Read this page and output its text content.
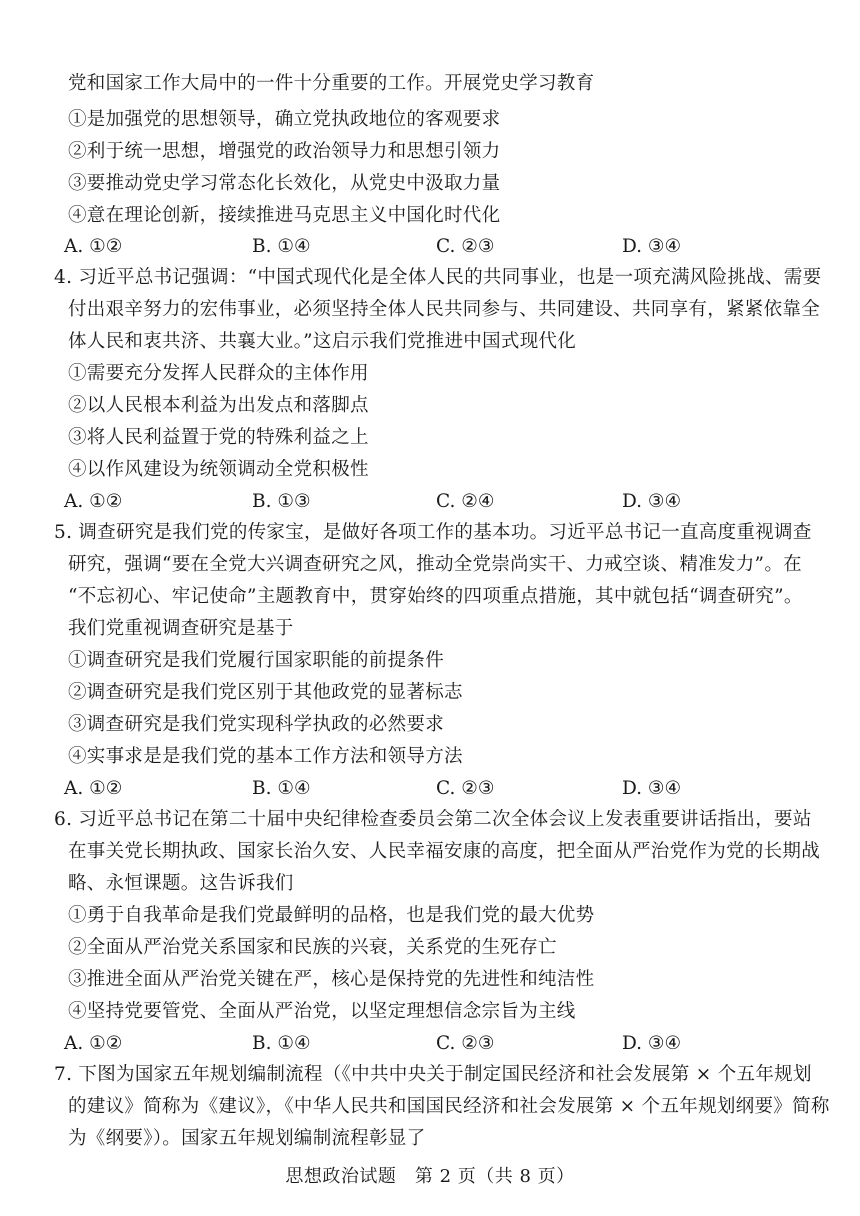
党和国家工作大局中的一件十分重要的工作。开展党史学习教育
①是加强党的思想领导，确立党执政地位的客观要求
②利于统一思想，增强党的政治领导力和思想引领力
③要推动党史学习常态化长效化，从党史中汲取力量
④意在理论创新，接续推进马克思主义中国化时代化
A. ①②	B. ①④	C. ②③	D. ③④
4. 习近平总书记强调：“中国式现代化是全体人民的共同事业，也是一项充满风险挑战、需要
付出艰辛努力的宏伟事业，必须坚持全体人民共同参与、共同建设、共同享有，紧紧依靠全
体人民和衷共济、共襄大业。”这启示我们党推进中国式现代化
①需要充分发挥人民群众的主体作用
②以人民根本利益为出发点和落脚点
③将人民利益置于党的特殊利益之上
④以作风建设为统领调动全党积极性
A. ①②	B. ①③	C. ②④	D. ③④
5. 调查研究是我们党的传家宝，是做好各项工作的基本功。习近平总书记一直高度重视调查
研究，强调“要在全党大兴调查研究之风，推动全党崇尚实干、力戒空谈、精准发力”。在
“不忘初心、牢记使命”主题教育中，贯穿始终的四项重点措施，其中就包括“调查研究”。
我们党重视调查研究是基于
①调查研究是我们党履行国家职能的前提条件
②调查研究是我们党区别于其他政党的显著标志
③调查研究是我们党实现科学执政的必然要求
④实事求是是我们党的基本工作方法和领导方法
A. ①②	B. ①④	C. ②③	D. ③④
6. 习近平总书记在第二十届中央纪律检查委员会第二次全体会议上发表重要讲话指出，要站
在事关党长期执政、国家长治久安、人民幸福安康的高度，把全面从严治党作为党的长期战
略、永恒课题。这告诉我们
①勇于自我革命是我们党最鲜明的品格，也是我们党的最大优势
②全面从严治党关系国家和民族的兴衰，关系党的生死存亡
③推进全面从严治党关键在严，核心是保持党的先进性和纯洁性
④坚持党要管党、全面从严治党，以坚定理想信念宗旨为主线
A. ①②	B. ①④	C. ②③	D. ③④
7. 下图为国家五年规划编制流程（《中共中央关于制定国民经济和社会发展第 × 个五年规划
的建议》简称为《建议》，《中华人民共和国国民经济和社会发展第 × 个五年规划纲要》简称
为《纲要》）。国家五年规划编制流程彰显了
思想政治试题　第 2 页（共 8 页）
